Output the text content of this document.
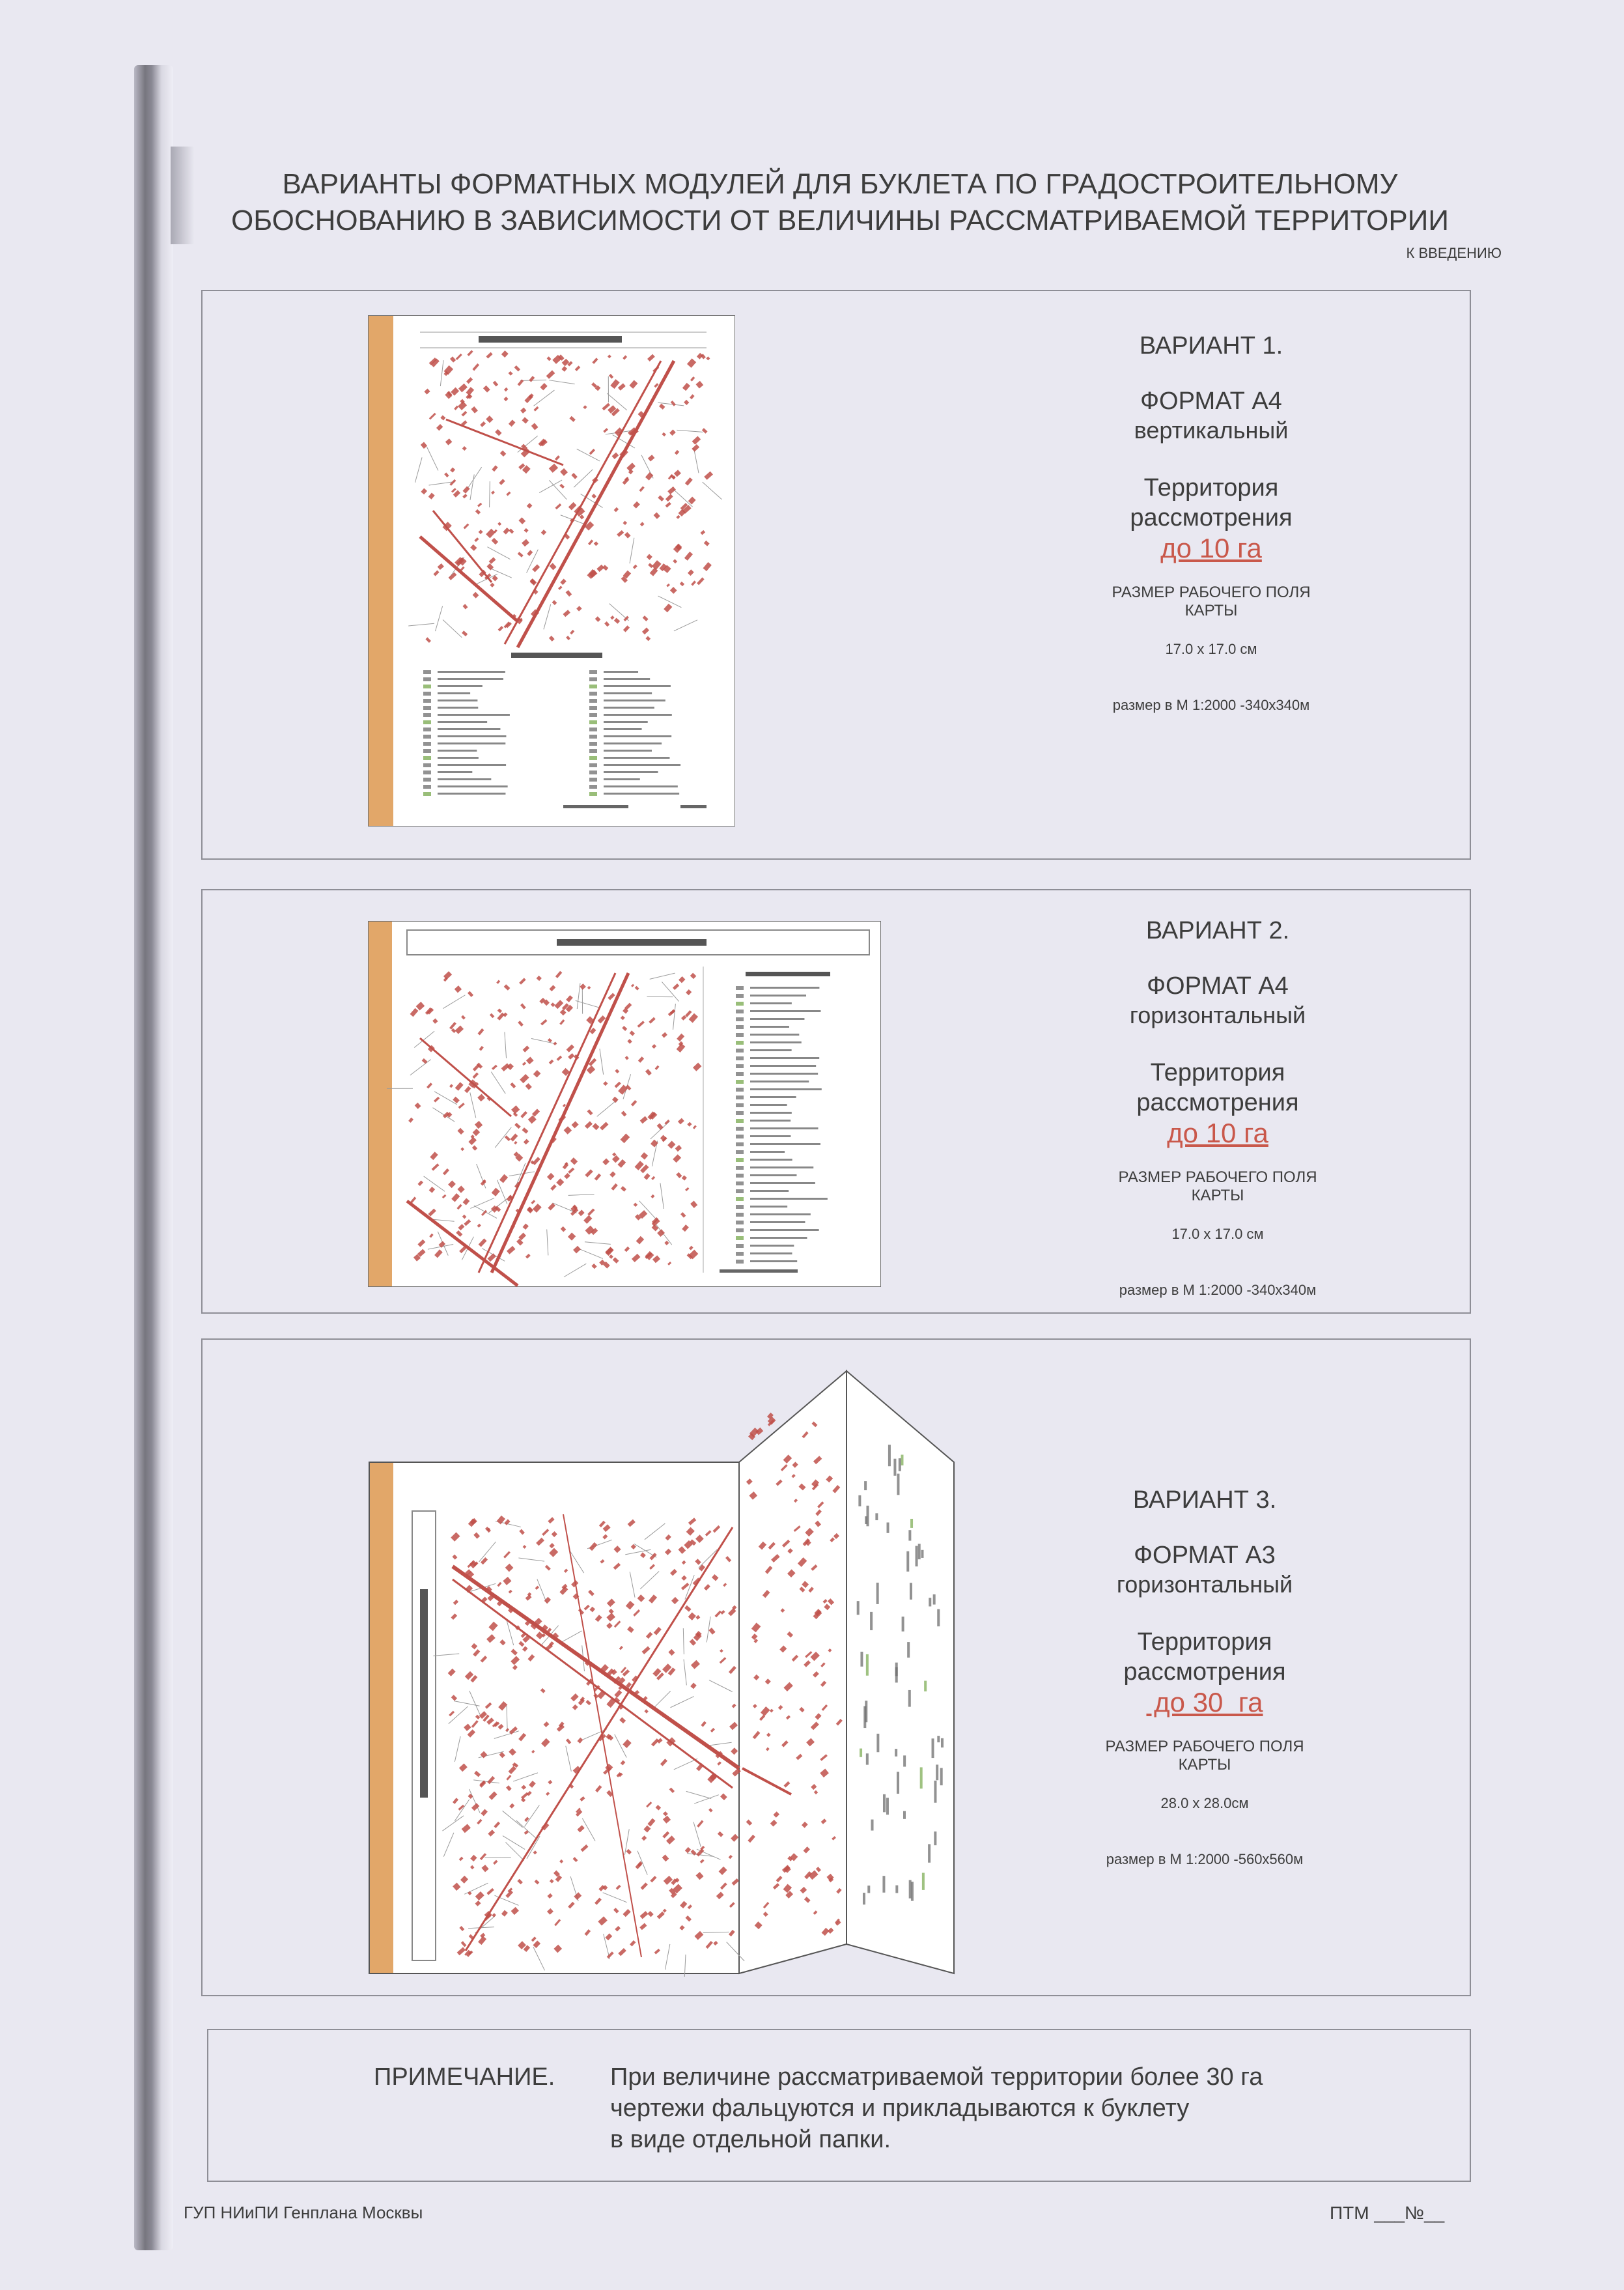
ВАРИАНТЫ ФОРМАТНЫХ МОДУЛЕЙ ДЛЯ БУКЛЕТА ПО ГРАДОСТРОИТЕЛЬНОМУ
ОБОСНОВАНИЮ В ЗАВИСИМОСТИ ОТ ВЕЛИЧИНЫ РАССМАТРИВАЕМОЙ ТЕРРИТОРИИ
К ВВЕДЕНИЮ
ВАРИАНТ 1.
ФОРМАТ А4
вертикальный
Территория
рассмотрения
до 10 га
РАЗМЕР РАБОЧЕГО ПОЛЯ КАРТЫ
17.0 х 17.0 см
размер в М 1:2000 -340х340м
ВАРИАНТ 2.
ФОРМАТ А4
горизонтальный
Территория
рассмотрения
до 10 га
РАЗМЕР РАБОЧЕГО ПОЛЯ КАРТЫ
17.0 х 17.0 см
размер в М 1:2000 -340х340м
ВАРИАНТ 3.
ФОРМАТ А3
горизонтальный
Территория
рассмотрения
до 30  га
РАЗМЕР РАБОЧЕГО ПОЛЯ КАРТЫ
28.0 х 28.0см
размер в М 1:2000 -560х560м
ПРИМЕЧАНИЕ. При величине рассматриваемой территории более 30 га
чертежи фальцуются и прикладываются к буклету
в виде отдельной папки.
ГУП НИиПИ Генплана Москвы	ПТМ ___№__
